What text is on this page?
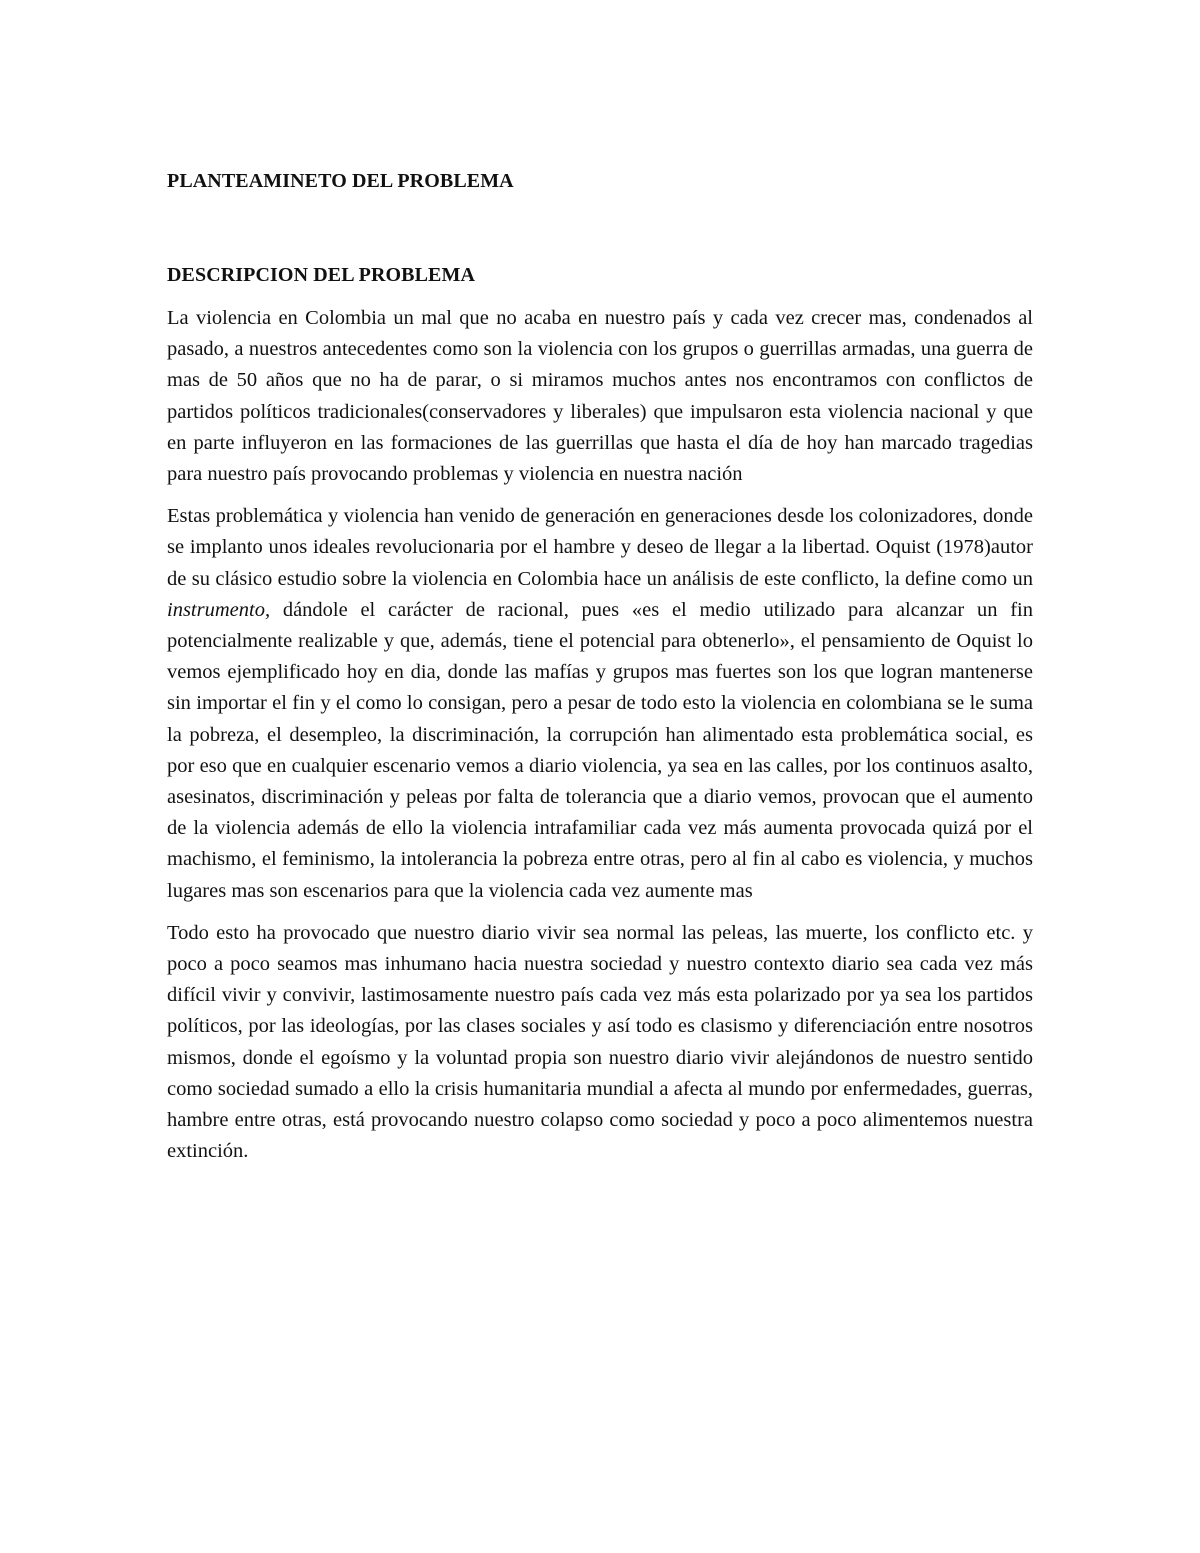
PLANTEAMINETO DEL PROBLEMA
DESCRIPCION DEL PROBLEMA

La violencia en Colombia un mal que no acaba en nuestro país y cada vez crecer mas, condenados al pasado, a nuestros antecedentes como son la violencia con los grupos o guerrillas armadas, una guerra de mas de 50 años que no ha de parar, o si miramos muchos antes nos encontramos con conflictos de partidos políticos tradicionales(conservadores y liberales) que impulsaron esta violencia nacional y que en parte influyeron en las formaciones de las guerrillas que hasta el día de hoy han marcado tragedias para nuestro país provocando problemas y violencia en nuestra nación

Estas problemática y violencia han venido de generación en generaciones desde los colonizadores, donde se implanto unos ideales revolucionaria por el hambre y deseo de llegar a la libertad. Oquist (1978)autor de su clásico estudio sobre la violencia en Colombia hace un análisis de este conflicto, la define como un instrumento, dándole el carácter de racional, pues «es el medio utilizado para alcanzar un fin potencialmente realizable y que, además, tiene el potencial para obtenerlo», el pensamiento de Oquist lo vemos ejemplificado hoy en dia, donde las mafías y grupos mas fuertes son los que logran mantenerse sin importar el fin y el como lo consigan, pero a pesar de todo esto la violencia en colombiana se le suma la pobreza, el desempleo, la discriminación, la corrupción han alimentado esta problemática social, es por eso que en cualquier escenario vemos a diario violencia, ya sea en las calles, por los continuos asalto, asesinatos, discriminación y peleas por falta de tolerancia que a diario vemos, provocan que el aumento de la violencia además de ello la violencia intrafamiliar cada vez más aumenta provocada quizá por el machismo, el feminismo, la intolerancia la pobreza entre otras, pero al fin al cabo es violencia, y muchos lugares mas son escenarios para que la violencia cada vez aumente mas

Todo esto ha provocado que nuestro diario vivir sea normal las peleas, las muerte, los conflicto etc. y poco a poco seamos mas inhumano hacia nuestra sociedad y nuestro contexto diario sea cada vez más difícil vivir y convivir, lastimosamente nuestro país cada vez más esta polarizado por ya sea los partidos políticos, por las ideologías, por las clases sociales y así todo es clasismo y diferenciación entre nosotros mismos, donde el egoísmo y la voluntad propia son nuestro diario vivir alejándonos de nuestro sentido como sociedad sumado a ello la crisis humanitaria mundial a afecta al mundo por enfermedades, guerras, hambre entre otras, está provocando nuestro colapso como sociedad y poco a poco alimentemos nuestra extinción.
